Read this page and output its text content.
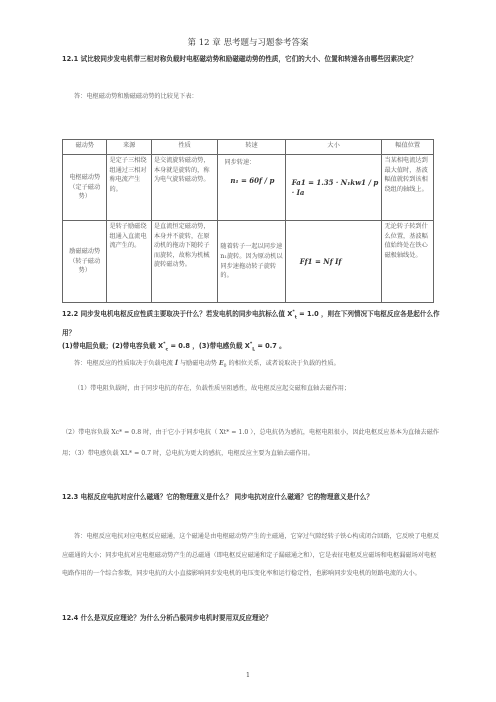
第 12 章 思考题与习题参考答案
12.1 试比较同步发电机带三相对称负载时电枢磁动势和励磁磁动势的性质，它们的大小、位置和转速各由哪些因素决定？
答：电枢磁动势和励磁磁动势的比较见下表：
磁动势	来源	性质	转速	大小	幅值位置
电枢磁动势（定子磁动势）	是定子三相绕组通过三相对称电流产生的。	是交流旋转磁动势，本身就是旋转的，称为电气旋转磁动势。	同步转速：
n₁ = 60f / p	Fa1 = 1.35 · N₁kw1 / p · Ia	当某相电流达到最大值时，基波幅值就转到该相绕组的轴线上。
励磁磁动势（转子磁动势）	是转子励磁绕组通入直流电流产生的。	是直流恒定磁动势，本身并不旋转，在原动机的拖动下随转子而旋转，故称为机械旋转磁动势。	随着转子一起以同步速n₁旋转。因为原动机以同步速拖动转子旋转的。	Ff1 = Nf If	无论转子转到什么位置，基波幅值始终处在铁心磁极轴线处。
12.2 同步发电机电枢反应性质主要取决于什么？若发电机的同步电抗标么值 $X^*_t = 1.0$ ，则在下列情况下电枢反应各是起什么作用？
(1)带电阻负载；(2)带电容负载 $X^*_c = 0.8$ ，(3)带电感负载 $X^*_L = 0.7$ 。
答：电枢反应的性质取决于负载电流 İ 与励磁电动势 $E_0$ 的相位关系，或者说取决于负载的性质。
（1）带电阻负载时，由于同步电抗的存在，负载性质呈阻感性，故电枢反应起交磁和直轴去磁作用；
（2）带电容负载 Xc* = 0.8 时，由于它小于同步电抗（ Xt* = 1.0 ），总电抗仍为感抗，电枢电阻很小，因此电枢反应基本为直轴去磁作用；（3）带电感负载 XL* = 0.7 时，总电抗为更大的感抗，电枢反应主要为直轴去磁作用。
12.3 电枢反应电抗对应什么磁通？它的物理意义是什么？ 同步电抗对应什么磁通？它的物理意义是什么？
答：电枢反应电抗对应电枢反应磁通，这个磁通是由电枢磁动势产生的主磁通，它穿过气隙经转子铁心构成闭合回路，它反映了电枢反应磁通的大小；同步电抗对应电枢磁动势产生的总磁通（即电枢反应磁通和定子漏磁通之和），它是表征电枢反应磁场和电枢漏磁场对电枢电路作用的一个综合参数，同步电抗的大小直接影响同步发电机的电压变化率和运行稳定性，也影响同步发电机的短路电流的大小。
12.4 什么是双反应理论？为什么分析凸极同步电机时要用双反应理论？
1
